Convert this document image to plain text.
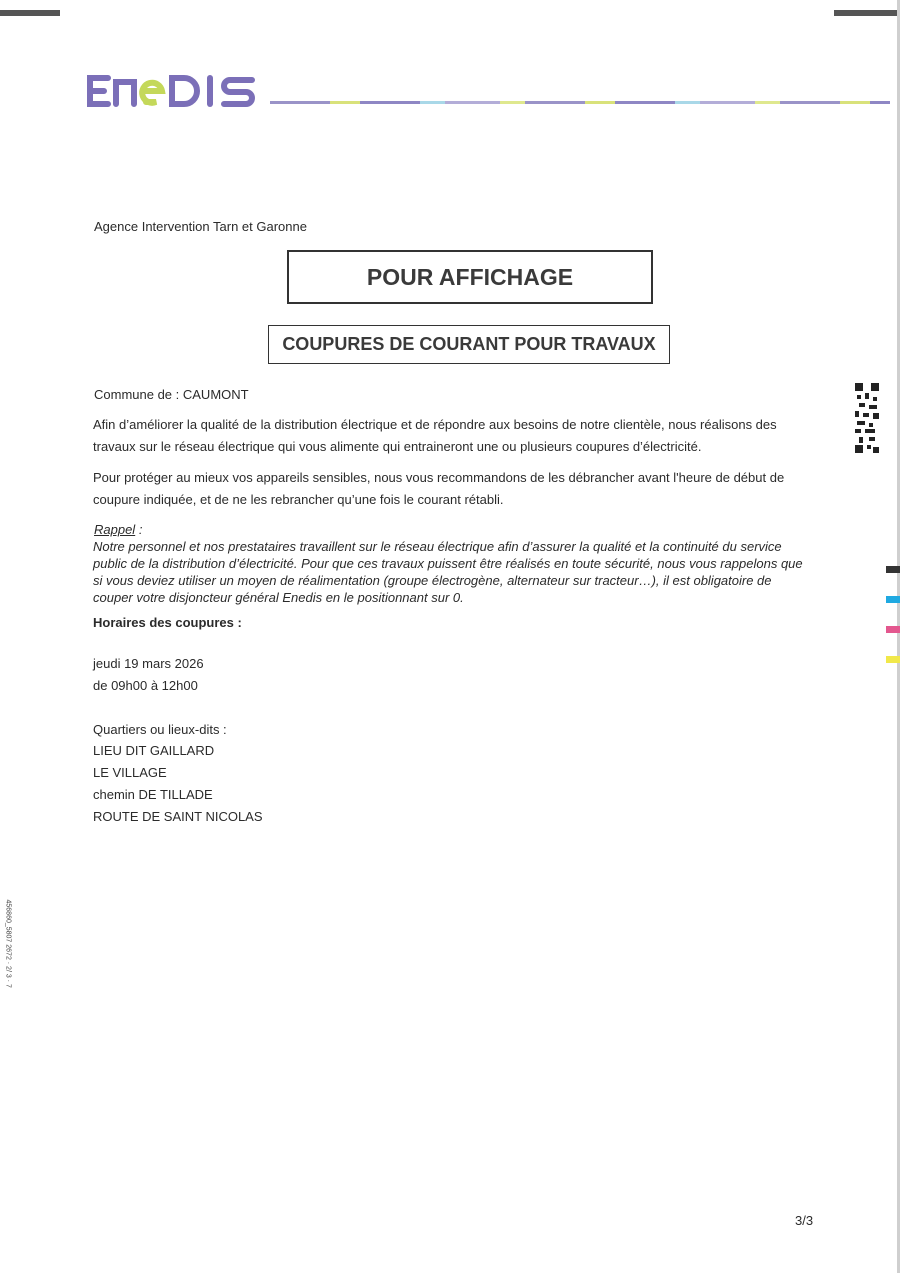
Agence Intervention Tarn et Garonne
POUR AFFICHAGE
COUPURES DE COURANT POUR TRAVAUX
Commune de : CAUMONT

Afin d’améliorer la qualité de la distribution électrique et de répondre aux besoins de notre clientèle, nous réalisons des travaux sur le réseau électrique qui vous alimente qui entraineront une ou plusieurs coupures d’électricité.

Pour protéger au mieux vos appareils sensibles, nous vous recommandons de les débrancher avant l'heure de début de coupure indiquée, et de ne les rebrancher qu’une fois le courant rétabli.

Rappel :

Notre personnel et nos prestataires travaillent sur le réseau électrique afin d’assurer la qualité et la continuité du service public de la distribution d’électricité. Pour que ces travaux puissent être réalisés en toute sécurité, nous vous rappelons que si vous deviez utiliser un moyen de réalimentation (groupe électrogène, alternateur sur tracteur…), il est obligatoire de couper votre disjoncteur général Enedis en le positionnant sur 0.

Horaires des coupures :
jeudi 19 mars 2026
de 09h00 à 12h00
Quartiers ou lieux-dits :
LIEU DIT GAILLARD
LE VILLAGE
chemin DE TILLADE
ROUTE DE SAINT NICOLAS
456860_5807 2672 · 2/ 3 · 7
3/3
